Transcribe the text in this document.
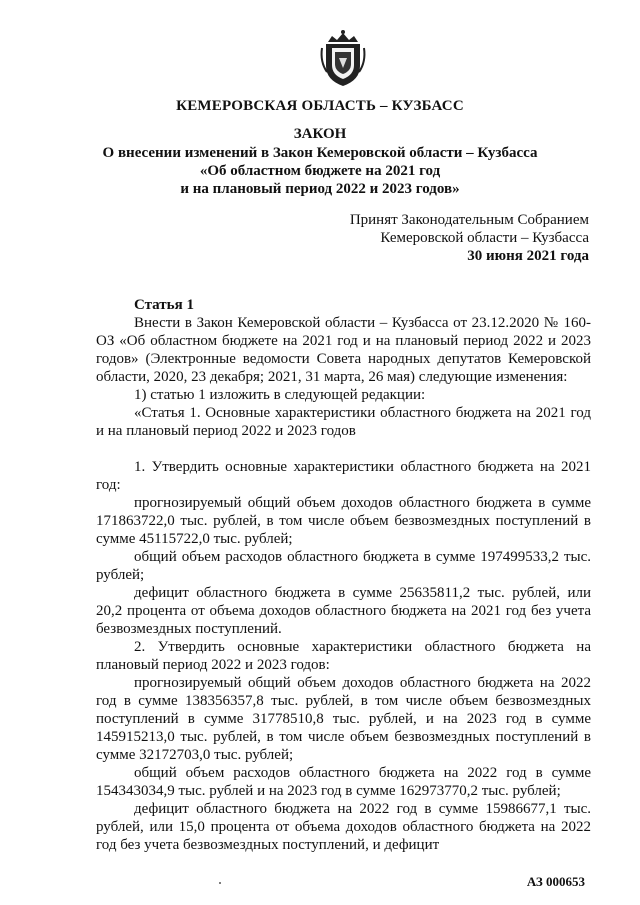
КЕМЕРОВСКАЯ ОБЛАСТЬ – КУЗБАСС
ЗАКОН
О внесении изменений в Закон Кемеровской области – Кузбасса
«Об областном бюджете на 2021 год
и на плановый период 2022 и 2023 годов»
Принят Законодательным Собранием
Кемеровской области – Кузбасса
30 июня 2021 года

Статья 1

Внести в Закон Кемеровской области – Кузбасса от 23.12.2020 № 160-ОЗ «Об областном бюджете на 2021 год и на плановый период 2022 и 2023 годов» (Электронные ведомости Совета народных депутатов Кемеровской области, 2020, 23 декабря; 2021, 31 марта, 26 мая) следующие изменения:

1) статью 1 изложить в следующей редакции:

«Статья 1. Основные характеристики областного бюджета на 2021 год и на плановый период 2022 и 2023 годов

1. Утвердить основные характеристики областного бюджета на 2021 год:

прогнозируемый общий объем доходов областного бюджета в сумме 171863722,0 тыс. рублей, в том числе объем безвозмездных поступлений в сумме 45115722,0 тыс. рублей;

общий объем расходов областного бюджета в сумме 197499533,2 тыс. рублей;

дефицит областного бюджета в сумме 25635811,2 тыс. рублей, или 20,2 процента от объема доходов областного бюджета на 2021 год без учета безвозмездных поступлений.

2. Утвердить основные характеристики областного бюджета на плановый период 2022 и 2023 годов:

прогнозируемый общий объем доходов областного бюджета на 2022 год в сумме 138356357,8 тыс. рублей, в том числе объем безвозмездных поступлений в сумме 31778510,8 тыс. рублей, и на 2023 год в сумме 145915213,0 тыс. рублей, в том числе объем безвозмездных поступлений в сумме 32172703,0 тыс. рублей;

общий объем расходов областного бюджета на 2022 год в сумме 154343034,9 тыс. рублей и на 2023 год в сумме 162973770,2 тыс. рублей;

дефицит областного бюджета на 2022 год в сумме 15986677,1 тыс. рублей, или 15,0 процента от объема доходов областного бюджета на 2022 год без учета безвозмездных поступлений, и дефицит

АЗ 000653
